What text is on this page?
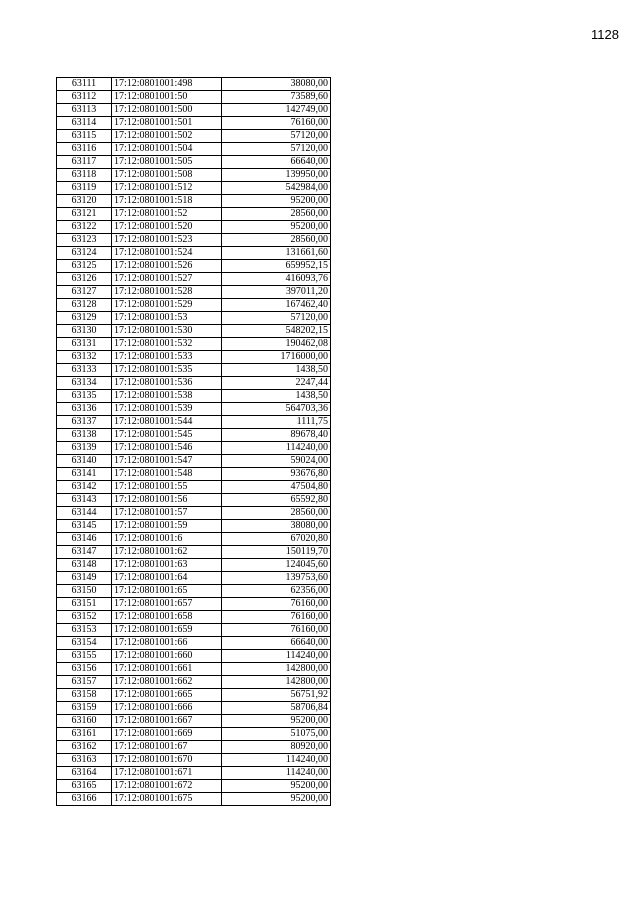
1128
63111	17:12:0801001:498	38080,00
63112	17:12:0801001:50	73589,60
63113	17:12:0801001:500	142749,00
63114	17:12:0801001:501	76160,00
63115	17:12:0801001:502	57120,00
63116	17:12:0801001:504	57120,00
63117	17:12:0801001:505	66640,00
63118	17:12:0801001:508	139950,00
63119	17:12:0801001:512	542984,00
63120	17:12:0801001:518	95200,00
63121	17:12:0801001:52	28560,00
63122	17:12:0801001:520	95200,00
63123	17:12:0801001:523	28560,00
63124	17:12:0801001:524	131661,60
63125	17:12:0801001:526	659952,15
63126	17:12:0801001:527	416093,76
63127	17:12:0801001:528	397011,20
63128	17:12:0801001:529	167462,40
63129	17:12:0801001:53	57120,00
63130	17:12:0801001:530	548202,15
63131	17:12:0801001:532	190462,08
63132	17:12:0801001:533	1716000,00
63133	17:12:0801001:535	1438,50
63134	17:12:0801001:536	2247,44
63135	17:12:0801001:538	1438,50
63136	17:12:0801001:539	564703,36
63137	17:12:0801001:544	1111,75
63138	17:12:0801001:545	89678,40
63139	17:12:0801001:546	114240,00
63140	17:12:0801001:547	59024,00
63141	17:12:0801001:548	93676,80
63142	17:12:0801001:55	47504,80
63143	17:12:0801001:56	65592,80
63144	17:12:0801001:57	28560,00
63145	17:12:0801001:59	38080,00
63146	17:12:0801001:6	67020,80
63147	17:12:0801001:62	150119,70
63148	17:12:0801001:63	124045,60
63149	17:12:0801001:64	139753,60
63150	17:12:0801001:65	62356,00
63151	17:12:0801001:657	76160,00
63152	17:12:0801001:658	76160,00
63153	17:12:0801001:659	76160,00
63154	17:12:0801001:66	66640,00
63155	17:12:0801001:660	114240,00
63156	17:12:0801001:661	142800,00
63157	17:12:0801001:662	142800,00
63158	17:12:0801001:665	56751,92
63159	17:12:0801001:666	58706,84
63160	17:12:0801001:667	95200,00
63161	17:12:0801001:669	51075,00
63162	17:12:0801001:67	80920,00
63163	17:12:0801001:670	114240,00
63164	17:12:0801001:671	114240,00
63165	17:12:0801001:672	95200,00
63166	17:12:0801001:675	95200,00
